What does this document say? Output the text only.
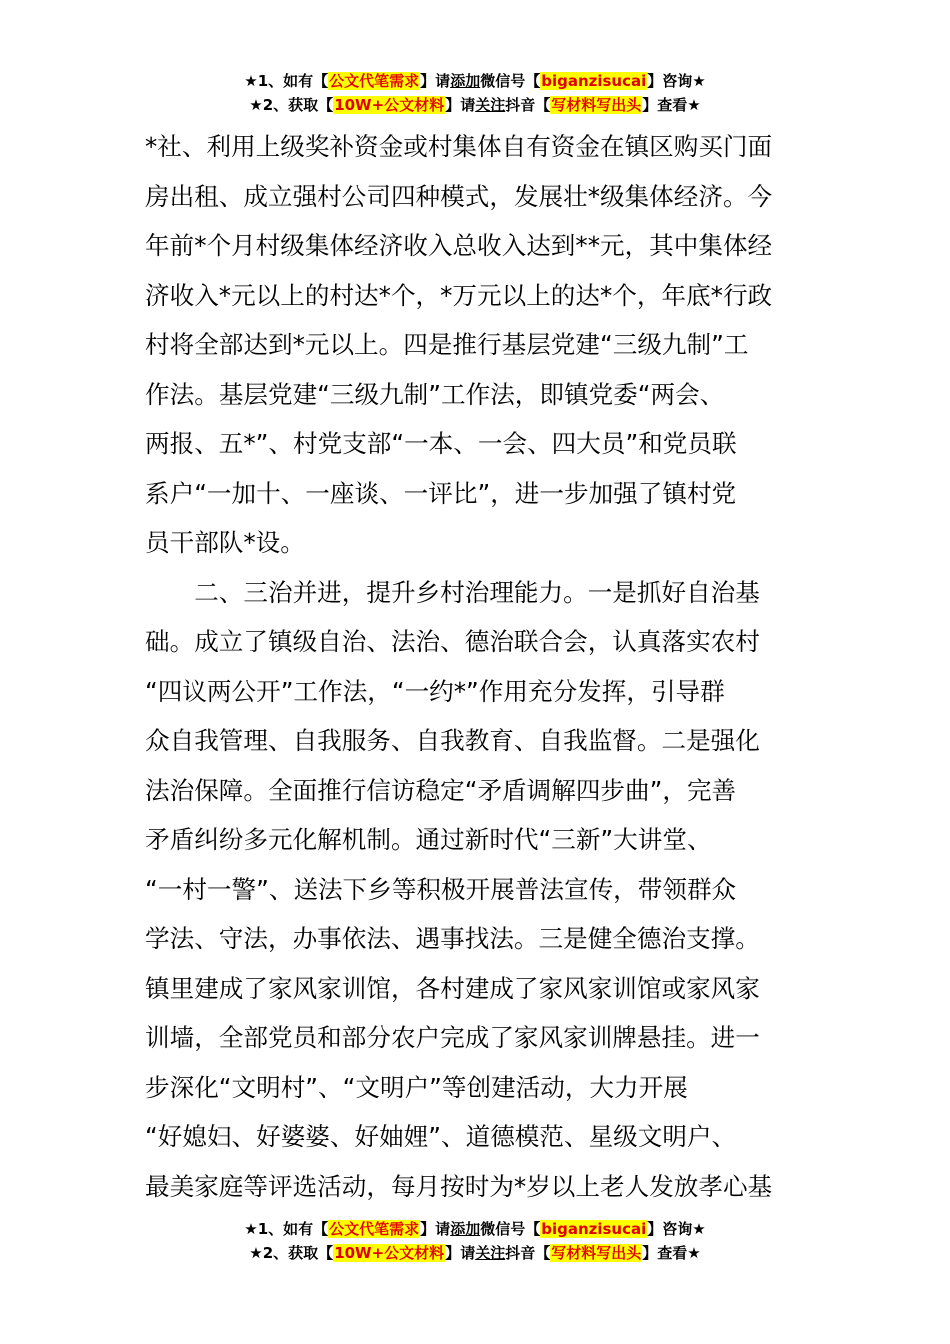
★1、如有【公文代笔需求】请添加微信号【biganzisucai】咨询★
★2、获取【10W+公文材料】请关注抖音【写材料写出头】查看★

*社、利用上级奖补资金或村集体自有资金在镇区购买门面
房出租、成立强村公司四种模式，发展壮*级集体经济。今
年前*个月村级集体经济收入总收入达到**元，其中集体经
济收入*元以上的村达*个，*万元以上的达*个，年底*行政
村将全部达到*元以上。四是推行基层党建“三级九制”工
作法。基层党建“三级九制”工作法，即镇党委“两会、
两报、五*”、村党支部“一本、一会、四大员”和党员联
系户“一加十、一座谈、一评比”，进一步加强了镇村党
员干部队*设。

　　二、三治并进，提升乡村治理能力。一是抓好自治基
础。成立了镇级自治、法治、德治联合会，认真落实农村
“四议两公开”工作法，“一约*”作用充分发挥，引导群
众自我管理、自我服务、自我教育、自我监督。二是强化
法治保障。全面推行信访稳定“矛盾调解四步曲”，完善
矛盾纠纷多元化解机制。通过新时代“三新”大讲堂、
“一村一警”、送法下乡等积极开展普法宣传，带领群众
学法、守法，办事依法、遇事找法。三是健全德治支撑。
镇里建成了家风家训馆，各村建成了家风家训馆或家风家
训墙，全部党员和部分农户完成了家风家训牌悬挂。进一
步深化“文明村”、“文明户”等创建活动，大力开展
“好媳妇、好婆婆、好妯娌”、道德模范、星级文明户、
最美家庭等评选活动，每月按时为*岁以上老人发放孝心基

★1、如有【公文代笔需求】请添加微信号【biganzisucai】咨询★
★2、获取【10W+公文材料】请关注抖音【写材料写出头】查看★
